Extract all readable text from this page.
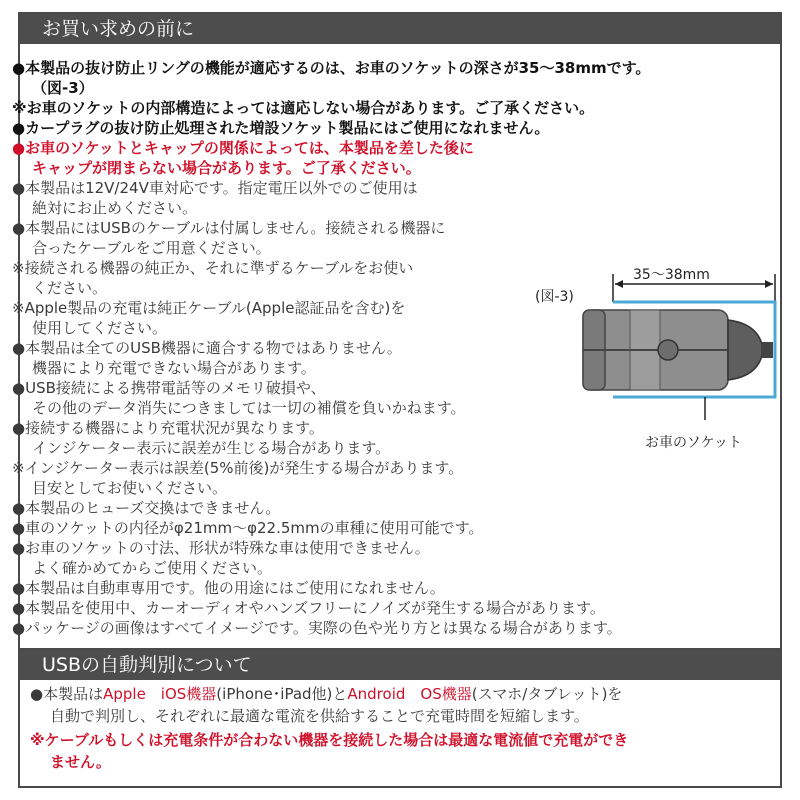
お買い求めの前に
●本製品の抜け防止リングの機能が適応するのは、お車のソケットの深さが35～38mmです。
（図-3）
※お車のソケットの内部構造によっては適応しない場合があります。ご了承ください。
●カープラグの抜け防止処理された増設ソケット製品にはご使用になれません。
●お車のソケットとキャップの関係によっては、本製品を差した後に
キャップが閉まらない場合があります。ご了承ください。
●本製品は12V/24V車対応です。指定電圧以外でのご使用は
絶対にお止めください。
●本製品にはUSBのケーブルは付属しません。接続される機器に
合ったケーブルをご用意ください。
※接続される機器の純正か、それに準ずるケーブルをお使い
ください。
※Apple製品の充電は純正ケーブル(Apple認証品を含む)を
使用してください。
●本製品は全てのUSB機器に適合する物ではありません。
機器により充電できない場合があります。
●USB接続による携帯電話等のメモリ破損や、
その他のデータ消失につきましては一切の補償を負いかねます。
●接続する機器により充電状況が異なります。
インジケーター表示に誤差が生じる場合があります。
※インジケーター表示は誤差(5%前後)が発生する場合があります。
目安としてお使いください。
●本製品のヒューズ交換はできません。
●車のソケットの内径がφ21mm～φ22.5mmの車種に使用可能です。
●お車のソケットの寸法、形状が特殊な車は使用できません。
よく確かめてからご使用ください。
●本製品は自動車専用です。他の用途にはご使用になれません。
●本製品を使用中、カーオーディオやハンズフリーにノイズが発生する場合があります。
●パッケージの画像はすべてイメージです。実際の色や光り方とは異なる場合があります。
35～38mm
(図-3)
お車のソケット
USBの自動判別について
●本製品はApple　iOS機器(iPhone･iPad他)とAndroid　OS機器(スマホ/タブレット)を
自動で判別し、それぞれに最適な電流を供給することで充電時間を短縮します。
※ケーブルもしくは充電条件が合わない機器を接続した場合は最適な電流値で充電ができ
ません。
